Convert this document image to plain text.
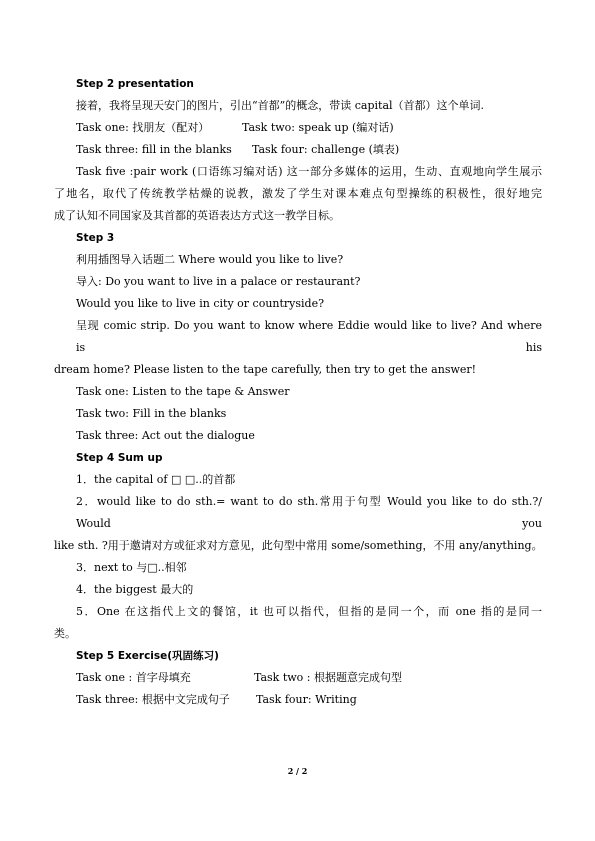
Step 2 presentation

接着，我将呈现天安门的图片，引出“首都”的概念，带读 capital（首都）这个单词.

Task one: 找朋友（配对）	Task two: speak up (编对话)

Task three: fill in the blanks Task four: challenge (填表)

Task five :pair work (口语练习编对话) 这一部分多媒体的运用，生动、直观地向学生展示

了地名，取代了传统教学枯燥的说教，激发了学生对课本难点句型操练的积极性，很好地完

成了认知不同国家及其首都的英语表达方式这一教学目标。

Step 3

利用插图导入话题二 Where would you like to live?

导入: Do you want to live in a palace or restaurant?

Would you like to live in city or countryside?

呈现 comic strip. Do you want to know where Eddie would like to live? And where is his

dream home? Please listen to the tape carefully, then try to get the answer!

Task one: Listen to the tape & Answer

Task two: Fill in the blanks

Task three: Act out the dialogue

Step 4 Sum up

1．the capital of □ □..的首都

2．would like to do sth.= want to do sth.常用于句型 Would you like to do sth.?/ Would you

like sth. ?用于邀请对方或征求对方意见，此句型中常用 some/something，不用 any/anything。

3．next to 与□..相邻

4．the biggest 最大的

5．One 在这指代上文的餐馆，it 也可以指代，但指的是同一个，而 one 指的是同一

类。

Step 5 Exercise(巩固练习)

Task one : 首字母填充	Task two : 根据题意完成句型

Task three: 根据中文完成句子 Task four: Writing

2 / 2
